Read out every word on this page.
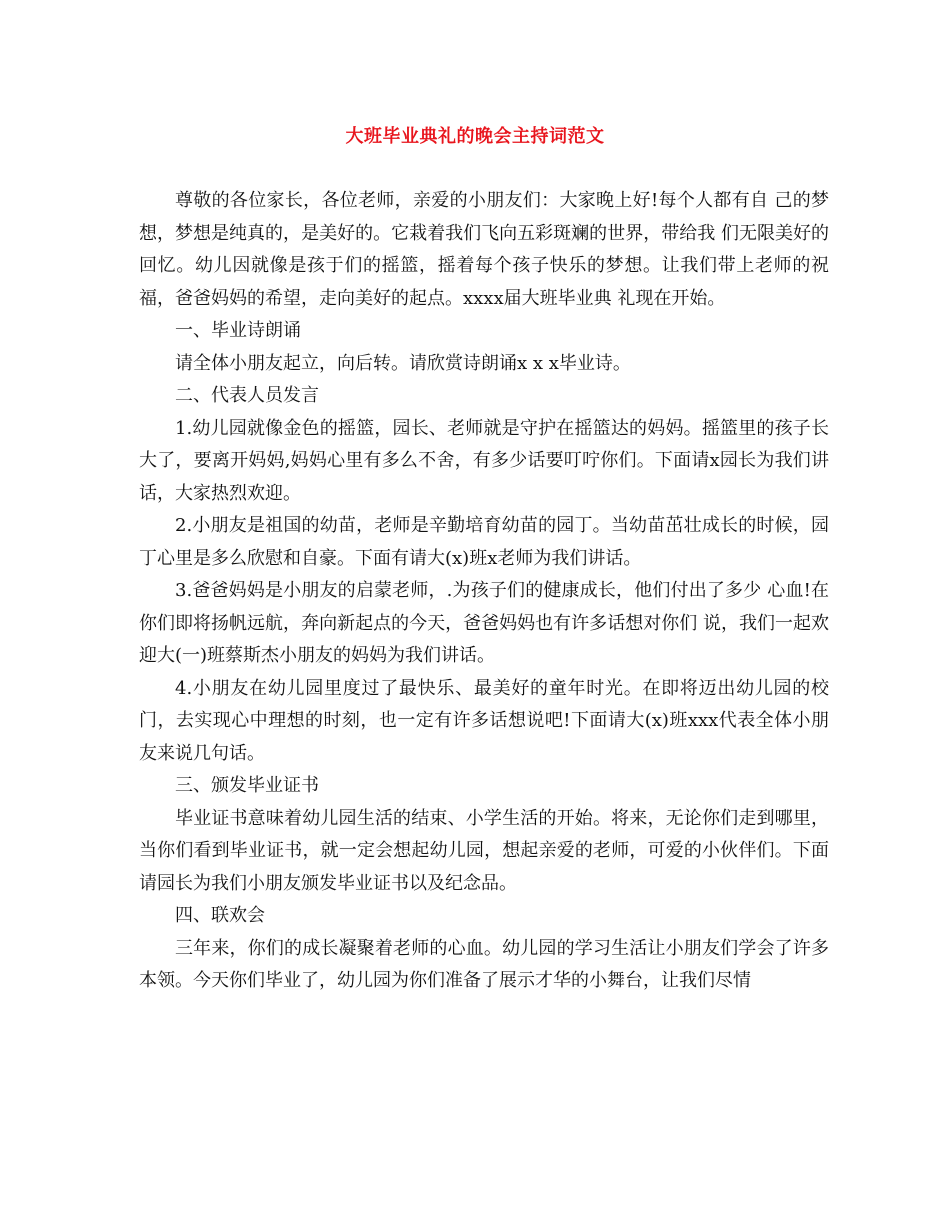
大班毕业典礼的晚会主持词范文

尊敬的各位家长，各位老师，亲爱的小朋友们：大家晚上好!每个人都有自 己的梦想，梦想是纯真的，是美好的。它栽着我们飞向五彩斑斓的世界，带给我 们无限美好的回忆。幼儿因就像是孩于们的摇篮，摇着每个孩子快乐的梦想。让我们带上老师的祝福，爸爸妈妈的希望，走向美好的起点。xxxx届大班毕业典 礼现在开始。

一、毕业诗朗诵

请全体小朋友起立，向后转。请欣赏诗朗诵x x x毕业诗。

二、代表人员发言

1.幼儿园就像金色的摇篮，园长、老师就是守护在摇篮达的妈妈。摇篮里的孩子长大了，要离开妈妈,妈妈心里有多么不舍，有多少话要叮咛你们。下面请x园长为我们讲话，大家热烈欢迎。

2.小朋友是祖国的幼苗，老师是辛勤培育幼苗的园丁。当幼苗茁壮成长的时候，园丁心里是多么欣慰和自豪。下面有请大(x)班x老师为我们讲话。

3.爸爸妈妈是小朋友的启蒙老师，.为孩子们的健康成长，他们付出了多少 心血!在你们即将扬帆远航，奔向新起点的今天，爸爸妈妈也有许多话想对你们 说，我们一起欢迎大(一)班蔡斯杰小朋友的妈妈为我们讲话。

4.小朋友在幼儿园里度过了最快乐、最美好的童年时光。在即将迈出幼儿园的校门，去实现心中理想的时刻，也一定有许多话想说吧!下面请大(x)班xxx代表全体小朋友来说几句话。

三、颁发毕业证书

毕业证书意味着幼儿园生活的结束、小学生活的开始。将来，无论你们走到哪里，当你们看到毕业证书，就一定会想起幼儿园，想起亲爱的老师，可爱的小伙伴们。下面请园长为我们小朋友颁发毕业证书以及纪念品。

四、联欢会

三年来，你们的成长凝聚着老师的心血。幼儿园的学习生活让小朋友们学会了许多本领。今天你们毕业了，幼儿园为你们准备了展示才华的小舞台，让我们尽情
